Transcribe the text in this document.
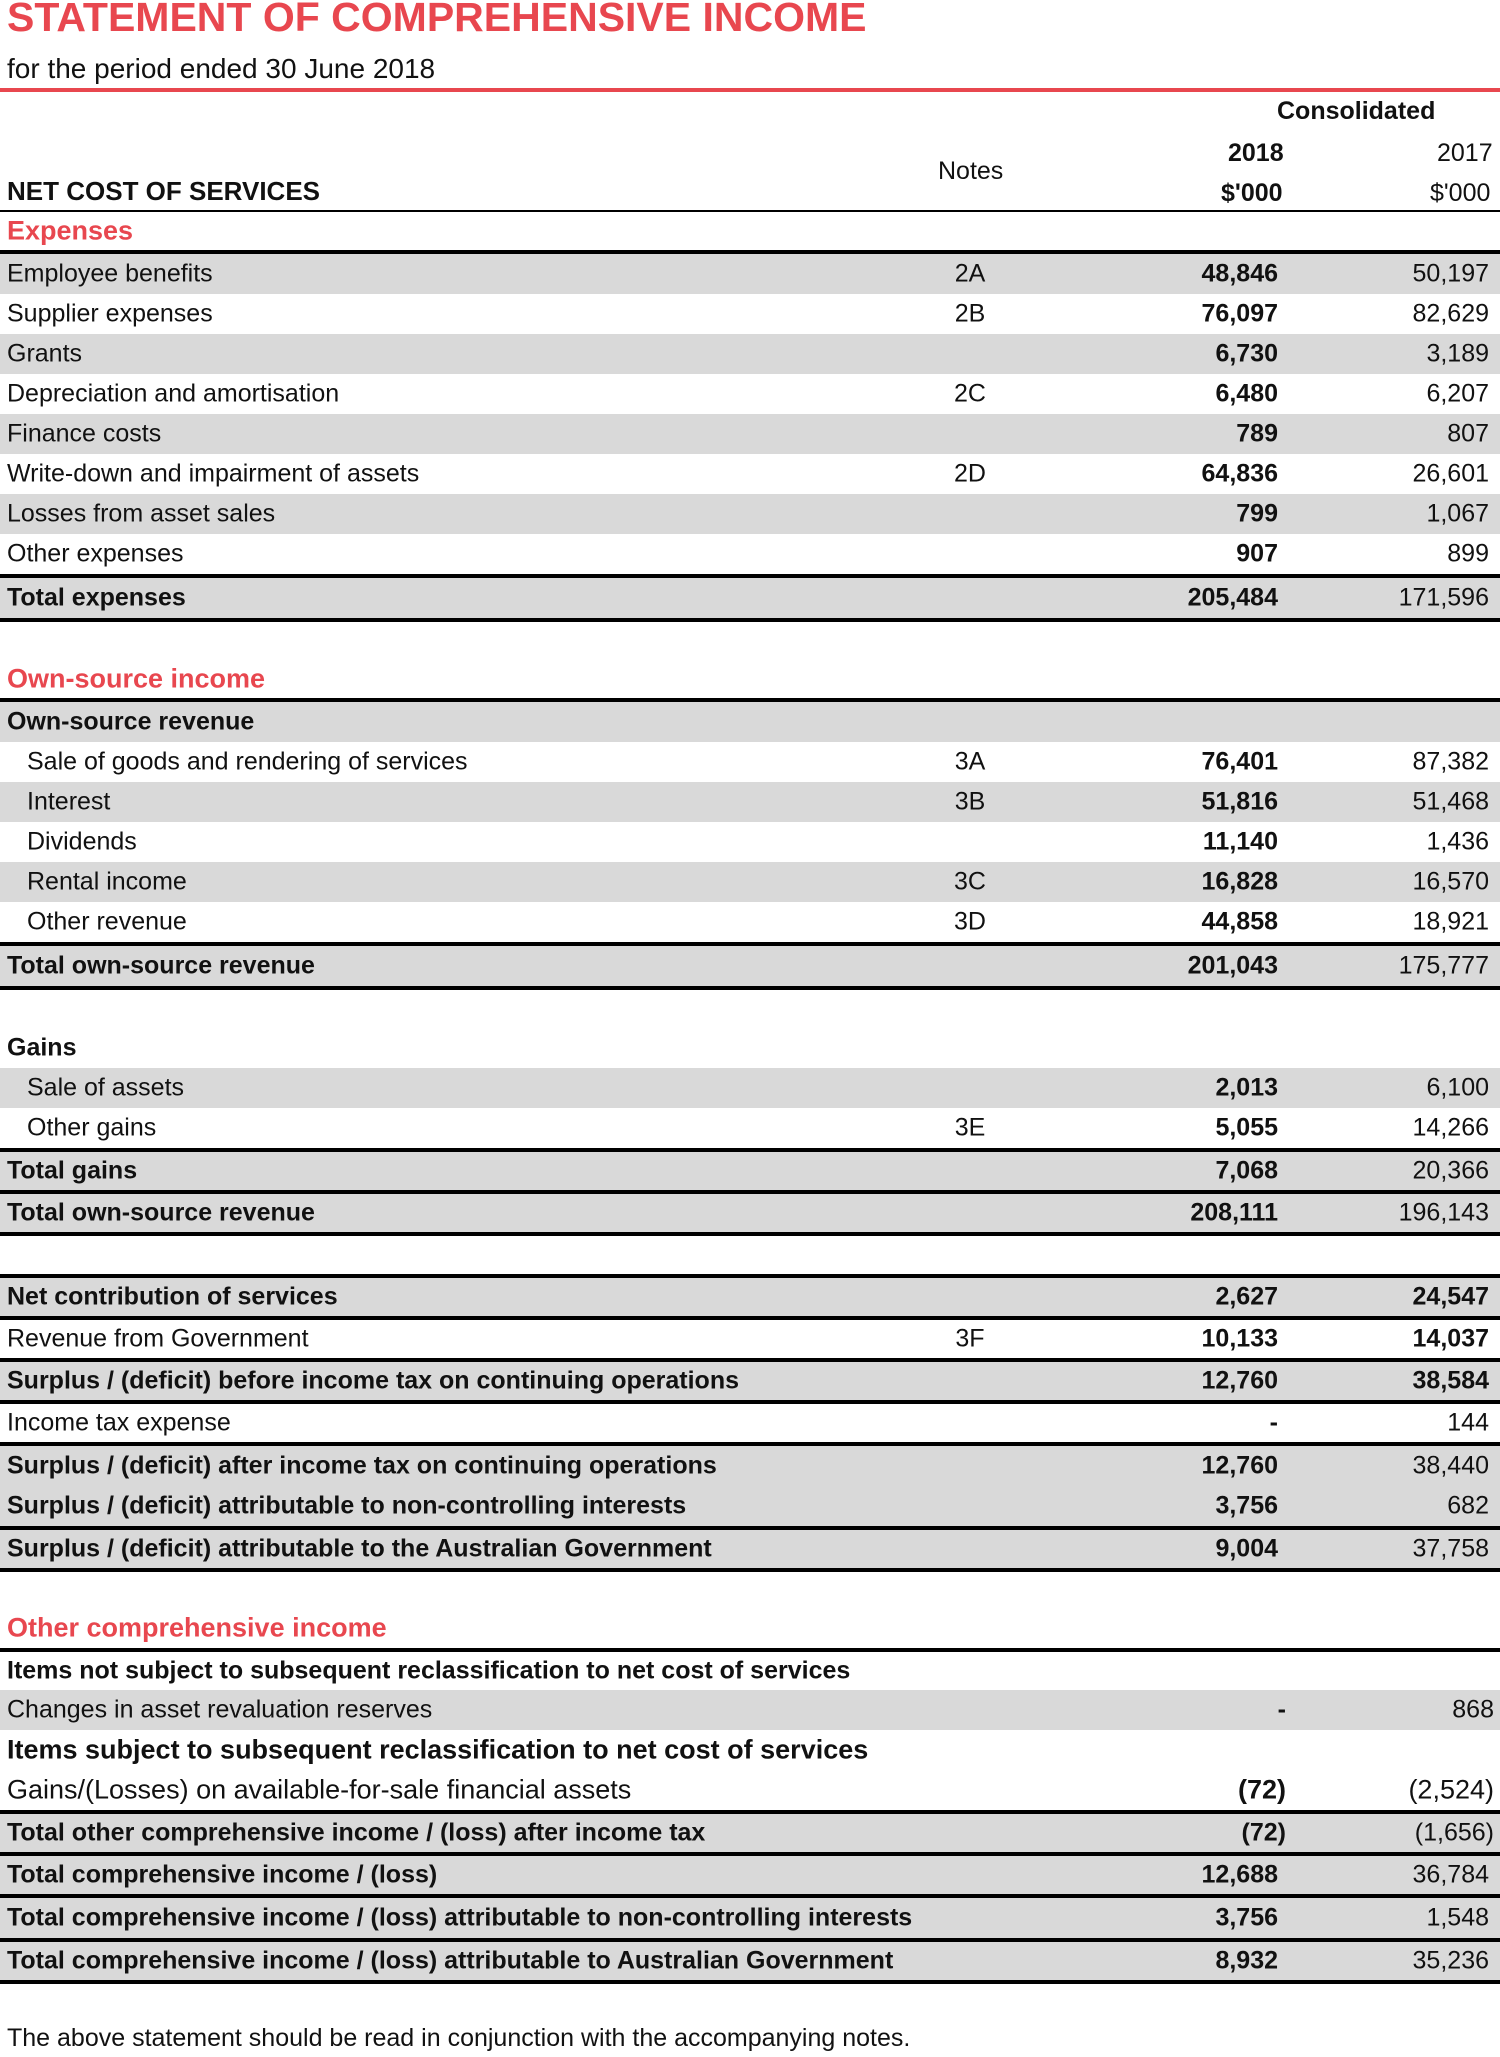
STATEMENT OF COMPREHENSIVE INCOME
for the period ended 30 June 2018
Consolidated
2018	2017
Notes
$'000	$'000
NET COST OF SERVICES
Expenses
Employee benefits	2A	48,846	50,197
Supplier expenses	2B	76,097	82,629
Grants	6,730	3,189
Depreciation and amortisation	2C	6,480	6,207
Finance costs	789	807
Write-down and impairment of assets	2D	64,836	26,601
Losses from asset sales	799	1,067
Other expenses	907	899
Total expenses	205,484	171,596
Own-source income
Own-source revenue
Sale of goods and rendering of services	3A	76,401	87,382
Interest	3B	51,816	51,468
Dividends	11,140	1,436
Rental income	3C	16,828	16,570
Other revenue	3D	44,858	18,921
Total own-source revenue	201,043	175,777
Gains
Sale of assets	2,013	6,100
Other gains	3E	5,055	14,266
Total gains	7,068	20,366
Total own-source revenue	208,111	196,143
Net contribution of services	2,627	24,547
Revenue from Government	3F	10,133	14,037
Surplus / (deficit) before income tax on continuing operations	12,760	38,584
Income tax expense	-	144
Surplus / (deficit) after income tax on continuing operations	12,760	38,440
Surplus / (deficit) attributable to non-controlling interests	3,756	682
Surplus / (deficit) attributable to the Australian Government	9,004	37,758
Other comprehensive income
Items not subject to subsequent reclassification to net cost of services
Changes in asset revaluation reserves	-	868
Items subject to subsequent reclassification to net cost of services
Gains/(Losses) on available-for-sale financial assets	(72)	(2,524)
Total other comprehensive income / (loss) after income tax	(72)	(1,656)
Total comprehensive income / (loss)	12,688	36,784
Total comprehensive income / (loss) attributable to non-controlling interests	3,756	1,548
Total comprehensive income / (loss) attributable to Australian Government	8,932	35,236
The above statement should be read in conjunction with the accompanying notes.
